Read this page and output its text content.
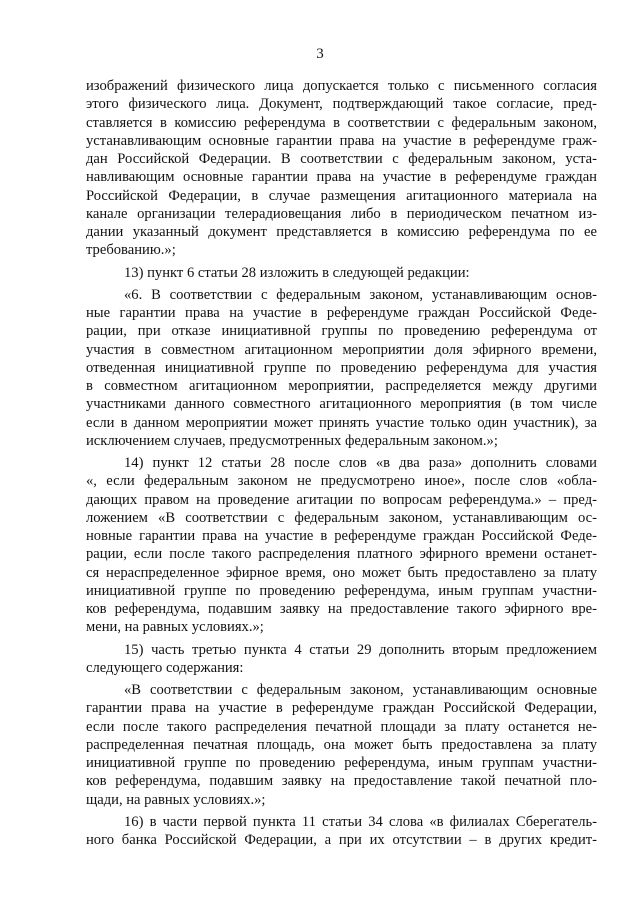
3
изображений физического лица допускается только с письменного согласия
этого физического лица. Документ, подтверждающий такое согласие, пред-
ставляется в комиссию референдума в соответствии с федеральным законом,
устанавливающим основные гарантии права на участие в референдуме граж-
дан Российской Федерации. В соответствии с федеральным законом, уста-
навливающим основные гарантии права на участие в референдуме граждан
Российской Федерации, в случае размещения агитационного материала на
канале организации телерадиовещания либо в периодическом печатном из-
дании указанный документ представляется в комиссию референдума по ее
требованию.»;
13) пункт 6 статьи 28 изложить в следующей редакции:
«6. В соответствии с федеральным законом, устанавливающим основ-
ные гарантии права на участие в референдуме граждан Российской Феде-
рации, при отказе инициативной группы по проведению референдума от
участия в совместном агитационном мероприятии доля эфирного времени,
отведенная инициативной группе по проведению референдума для участия
в совместном агитационном мероприятии, распределяется между другими
участниками данного совместного агитационного мероприятия (в том числе
если в данном мероприятии может принять участие только один участник), за
исключением случаев, предусмотренных федеральным законом.»;
14) пункт 12 статьи 28 после слов «в два раза» дополнить словами
«, если федеральным законом не предусмотрено иное», после слов «обла-
дающих правом на проведение агитации по вопросам референдума.» – пред-
ложением «В соответствии с федеральным законом, устанавливающим ос-
новные гарантии права на участие в референдуме граждан Российской Феде-
рации, если после такого распределения платного эфирного времени останет-
ся нераспределенное эфирное время, оно может быть предоставлено за плату
инициативной группе по проведению референдума, иным группам участни-
ков референдума, подавшим заявку на предоставление такого эфирного вре-
мени, на равных условиях.»;
15) часть третью пункта 4 статьи 29 дополнить вторым предложением
следующего содержания:
«В соответствии с федеральным законом, устанавливающим основные
гарантии права на участие в референдуме граждан Российской Федерации,
если после такого распределения печатной площади за плату останется не-
распределенная печатная площадь, она может быть предоставлена за плату
инициативной группе по проведению референдума, иным группам участни-
ков референдума, подавшим заявку на предоставление такой печатной пло-
щади, на равных условиях.»;
16) в части первой пункта 11 статьи 34 слова «в филиалах Сберегатель-
ного банка Российской Федерации, а при их отсутствии – в других кредит-
